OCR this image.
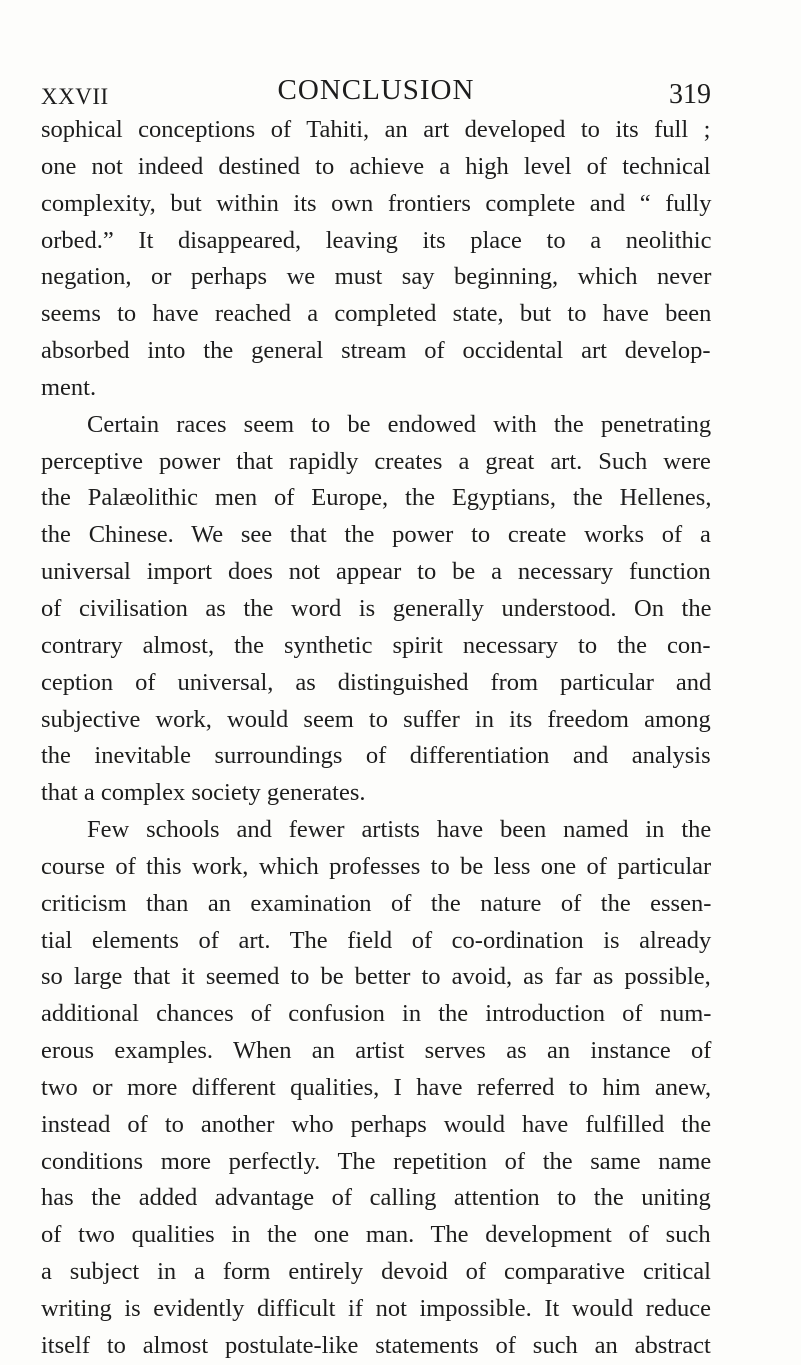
XXVII	CONCLUSION	319
sophical conceptions of Tahiti, an art developed to its full ;
one not indeed destined to achieve a high level of technical
complexity, but within its own frontiers complete and “ fully
orbed.” It disappeared, leaving its place to a neolithic
negation, or perhaps we must say beginning, which never
seems to have reached a completed state, but to have been
absorbed into the general stream of occidental art develop-
ment.
Certain races seem to be endowed with the penetrating
perceptive power that rapidly creates a great art. Such were
the Palæolithic men of Europe, the Egyptians, the Hellenes,
the Chinese. We see that the power to create works of a
universal import does not appear to be a necessary function
of civilisation as the word is generally understood. On the
contrary almost, the synthetic spirit necessary to the con-
ception of universal, as distinguished from particular and
subjective work, would seem to suffer in its freedom among
the inevitable surroundings of differentiation and analysis
that a complex society generates.
Few schools and fewer artists have been named in the
course of this work, which professes to be less one of particular
criticism than an examination of the nature of the essen-
tial elements of art. The field of co-ordination is already
so large that it seemed to be better to avoid, as far as possible,
additional chances of confusion in the introduction of num-
erous examples. When an artist serves as an instance of
two or more different qualities, I have referred to him anew,
instead of to another who perhaps would have fulfilled the
conditions more perfectly. The repetition of the same name
has the added advantage of calling attention to the uniting
of two qualities in the one man. The development of such
a subject in a form entirely devoid of comparative critical
writing is evidently difficult if not impossible. It would reduce
itself to almost postulate-like statements of such an abstract
